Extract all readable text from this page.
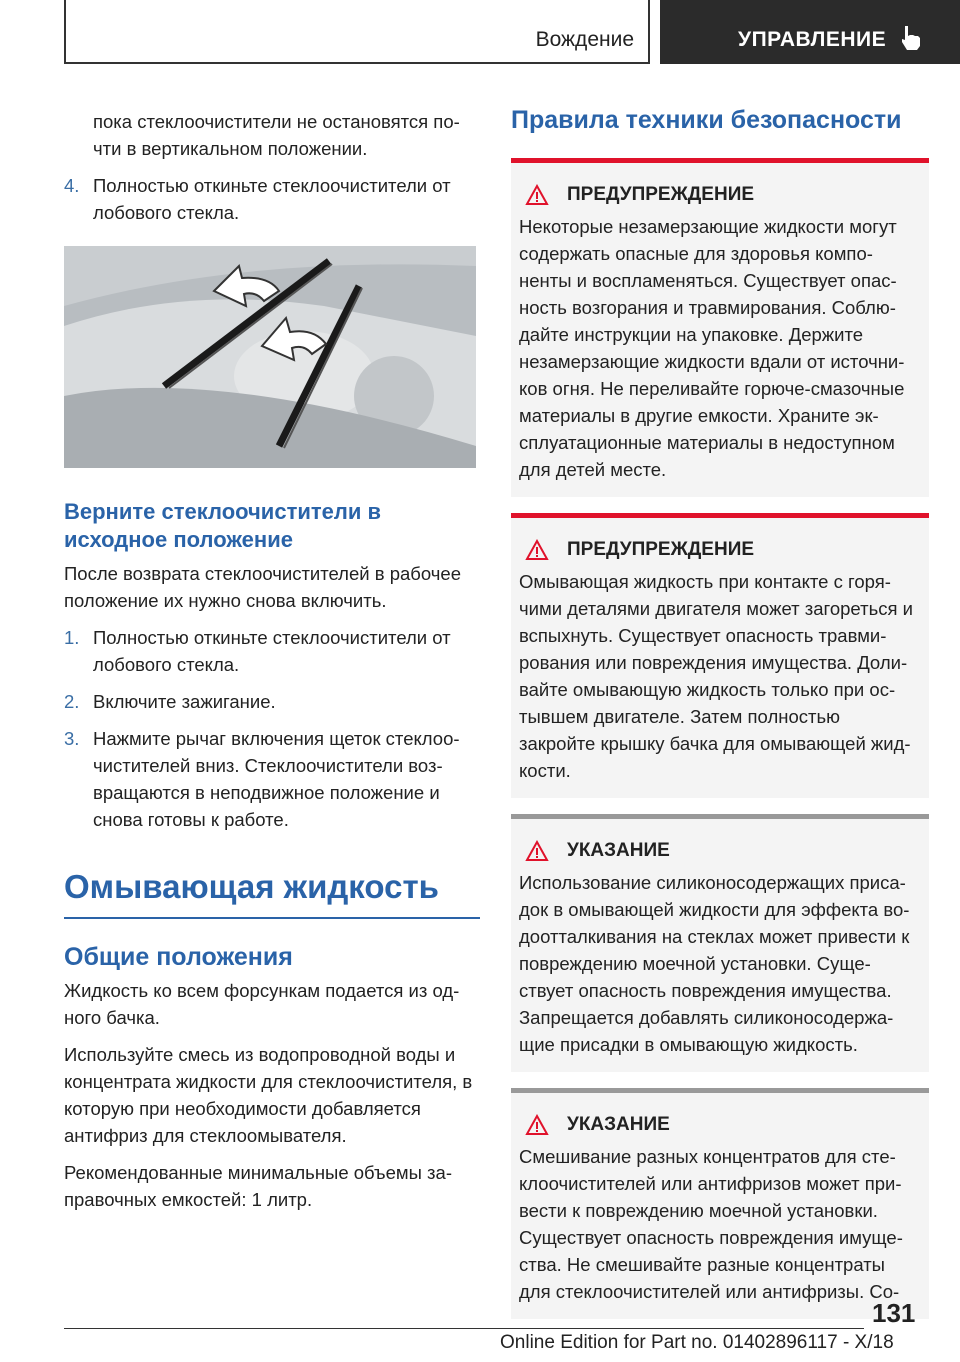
Вождение	УПРАВЛЕНИЕ

пока стеклоочистители не остановятся по-чти в вертикальном положении.

4. Полностью откиньте стеклоочистители от лобового стекла.
Верните стеклоочистители в исходное положение

После возврата стеклоочистителей в рабочее положение их нужно снова включить.

1. Полностью откиньте стеклоочистители от лобового стекла.
2. Включите зажигание.
3. Нажмите рычаг включения щеток стеклоо-чистителей вниз. Стеклоочистители воз-вращаются в неподвижное положение и снова готовы к работе.
Омывающая жидкость
Общие положения

Жидкость ко всем форсункам подается из од-ного бачка.

Используйте смесь из водопроводной воды и концентрата жидкости для стеклоочистителя, в которую при необходимости добавляется антифриз для стеклоомывателя.

Рекомендованные минимальные объемы за-правочных емкостей: 1 литр.

Правила техники безопасности
ПРЕДУПРЕЖДЕНИЕ

Некоторые незамерзающие жидкости могут содержать опасные для здоровья компо-ненты и воспламеняться. Существует опас-ность возгорания и травмирования. Соблю-дайте инструкции на упаковке. Держите незамерзающие жидкости вдали от источни-ков огня. Не переливайте горюче-смазочные материалы в другие емкости. Храните эк-сплуатационные материалы в недоступном для детей месте.

ПРЕДУПРЕЖДЕНИЕ

Омывающая жидкость при контакте с горя-чими деталями двигателя может загореться и вспыхнуть. Существует опасность травми-рования или повреждения имущества. Доли-вайте омывающую жидкость только при ос-тывшем двигателе. Затем полностью закройте крышку бачка для омывающей жид-кости.

УКАЗАНИЕ

Использование силиконосодержащих приса-док в омывающей жидкости для эффекта во-доотталкивания на стеклах может привести к повреждению моечной установки. Суще-ствует опасность повреждения имущества. Запрещается добавлять силиконосодержа-щие присадки в омывающую жидкость.

УКАЗАНИЕ

Смешивание разных концентратов для сте-клоочистителей или антифризов может при-вести к повреждению моечной установки. Существует опасность повреждения имуще-ства. Не смешивайте разные концентраты для стеклоочистителей или антифризы. Со-

131
Online Edition for Part no. 01402896117 - X/18
